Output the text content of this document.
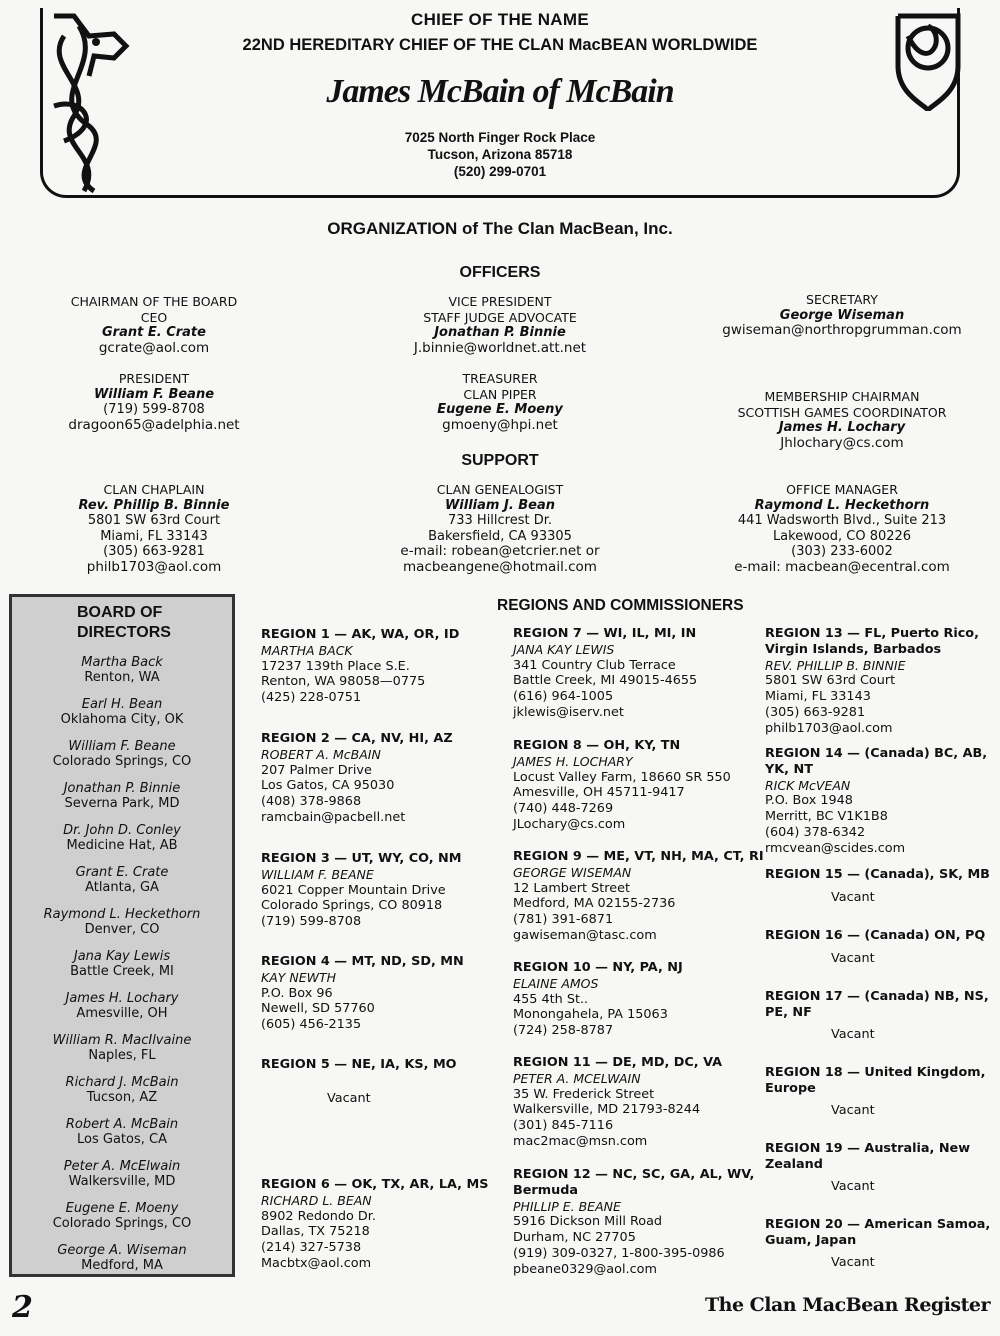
CHIEF OF THE NAME
22ND HEREDITARY CHIEF OF THE CLAN MacBEAN WORLDWIDE
James McBain of McBain
7025 North Finger Rock Place
Tucson, Arizona 85718
(520) 299-0701
ORGANIZATION of The Clan MacBean, Inc.
OFFICERS
CHAIRMAN OF THE BOARD
CEO
Grant E. Crate
gcrate@aol.com
VICE PRESIDENT
STAFF JUDGE ADVOCATE
Jonathan P. Binnie
J.binnie@worldnet.att.net
SECRETARY
George Wiseman
gwiseman@northropgrumman.com
PRESIDENT
William F. Beane
(719) 599-8708
dragoon65@adelphia.net
TREASURER
CLAN PIPER
Eugene E. Moeny
gmoeny@hpi.net
MEMBERSHIP CHAIRMAN
SCOTTISH GAMES COORDINATOR
James H. Lochary
Jhlochary@cs.com
SUPPORT
CLAN CHAPLAIN
Rev. Phillip B. Binnie
5801 SW 63rd Court
Miami, FL 33143
(305) 663-9281
philb1703@aol.com
CLAN GENEALOGIST
William J. Bean
733 Hillcrest Dr.
Bakersfield, CA 93305
e-mail: robean@etcrier.net or
macbeangene@hotmail.com
OFFICE MANAGER
Raymond L. Heckethorn
441 Wadsworth Blvd., Suite 213
Lakewood, CO 80226
(303) 233-6002
e-mail: macbean@ecentral.com
BOARD OF
DIRECTORS
Martha Back
Renton, WA
Earl H. Bean
Oklahoma City, OK
William F. Beane
Colorado Springs, CO
Jonathan P. Binnie
Severna Park, MD
Dr. John D. Conley
Medicine Hat, AB
Grant E. Crate
Atlanta, GA
Raymond L. Heckethorn
Denver, CO
Jana Kay Lewis
Battle Creek, MI
James H. Lochary
Amesville, OH
William R. MacIlvaine
Naples, FL
Richard J. McBain
Tucson, AZ
Robert A. McBain
Los Gatos, CA
Peter A. McElwain
Walkersville, MD
Eugene E. Moeny
Colorado Springs, CO
George A. Wiseman
Medford, MA
REGIONS AND COMMISSIONERS
REGION 1 — AK, WA, OR, ID
MARTHA BACK
17237 139th Place S.E.
Renton, WA 98058—0775
(425) 228-0751
REGION 2 — CA, NV, HI, AZ
ROBERT A. McBAIN
207 Palmer Drive
Los Gatos, CA 95030
(408) 378-9868
ramcbain@pacbell.net
REGION 3 — UT, WY, CO, NM
WILLIAM F. BEANE
6021 Copper Mountain Drive
Colorado Springs, CO 80918
(719) 599-8708
REGION 4 — MT, ND, SD, MN
KAY NEWTH
P.O. Box 96
Newell, SD 57760
(605) 456-2135
REGION 5 — NE, IA, KS, MO
Vacant
REGION 6 — OK, TX, AR, LA, MS
RICHARD L. BEAN
8902 Redondo Dr.
Dallas, TX 75218
(214) 327-5738
Macbtx@aol.com
REGION 7 — WI, IL, MI, IN
JANA KAY LEWIS
341 Country Club Terrace
Battle Creek, MI 49015-4655
(616) 964-1005
jklewis@iserv.net
REGION 8 — OH, KY, TN
JAMES H. LOCHARY
Locust Valley Farm, 18660 SR 550
Amesville, OH 45711-9417
(740) 448-7269
JLochary@cs.com
REGION 9 — ME, VT, NH, MA, CT, RI
GEORGE WISEMAN
12 Lambert Street
Medford, MA 02155-2736
(781) 391-6871
gawiseman@tasc.com
REGION 10 — NY, PA, NJ
ELAINE AMOS
455 4th St..
Monongahela, PA 15063
(724) 258-8787
REGION 11 — DE, MD, DC, VA
PETER A. MCELWAIN
35 W. Frederick Street
Walkersville, MD 21793-8244
(301) 845-7116
mac2mac@msn.com
REGION 12 — NC, SC, GA, AL, WV,
Bermuda
PHILLIP E. BEANE
5916 Dickson Mill Road
Durham, NC 27705
(919) 309-0327, 1-800-395-0986
pbeane0329@aol.com
REGION 13 — FL, Puerto Rico,
Virgin Islands, Barbados
REV. PHILLIP B. BINNIE
5801 SW 63rd Court
Miami, FL 33143
(305) 663-9281
philb1703@aol.com
REGION 14 — (Canada) BC, AB,
YK, NT
RICK McVEAN
P.O. Box 1948
Merritt, BC V1K1B8
(604) 378-6342
rmcvean@scides.com
REGION 15 — (Canada), SK, MB
Vacant
REGION 16 — (Canada) ON, PQ
Vacant
REGION 17 — (Canada) NB, NS,
PE, NF
Vacant
REGION 18 — United Kingdom,
Europe
Vacant
REGION 19 — Australia, New
Zealand
Vacant
REGION 20 — American Samoa,
Guam, Japan
Vacant
2	The Clan MacBean Register
